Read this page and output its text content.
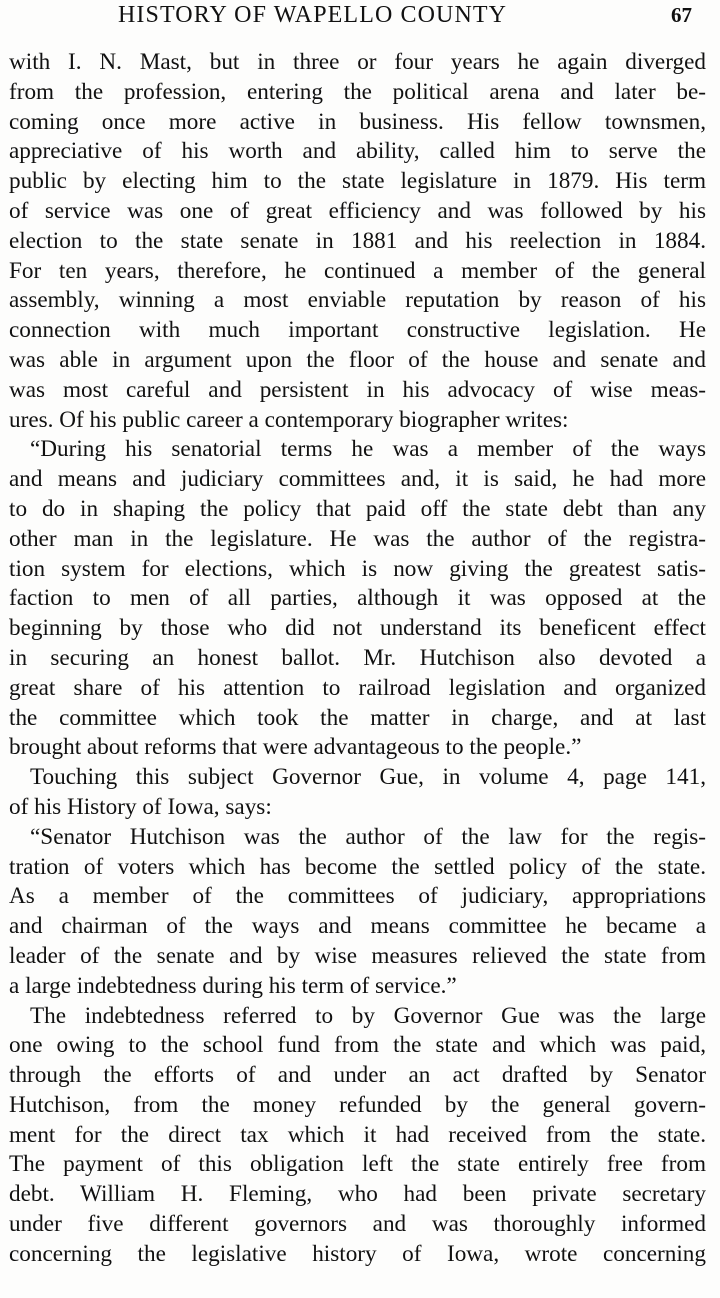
HISTORY OF WAPELLO COUNTY	67
with I. N. Mast, but in three or four years he again diverged
from the profession, entering the political arena and later be-
coming once more active in business. His fellow townsmen,
appreciative of his worth and ability, called him to serve the
public by electing him to the state legislature in 1879. His term
of service was one of great efficiency and was followed by his
election to the state senate in 1881 and his reelection in 1884.
For ten years, therefore, he continued a member of the general
assembly, winning a most enviable reputation by reason of his
connection with much important constructive legislation. He
was able in argument upon the floor of the house and senate and
was most careful and persistent in his advocacy of wise meas-
ures. Of his public career a contemporary biographer writes:
“During his senatorial terms he was a member of the ways
and means and judiciary committees and, it is said, he had more
to do in shaping the policy that paid off the state debt than any
other man in the legislature. He was the author of the registra-
tion system for elections, which is now giving the greatest satis-
faction to men of all parties, although it was opposed at the
beginning by those who did not understand its beneficent effect
in securing an honest ballot. Mr. Hutchison also devoted a
great share of his attention to railroad legislation and organized
the committee which took the matter in charge, and at last
brought about reforms that were advantageous to the people.”
Touching this subject Governor Gue, in volume 4, page 141,
of his History of Iowa, says:
“Senator Hutchison was the author of the law for the regis-
tration of voters which has become the settled policy of the state.
As a member of the committees of judiciary, appropriations
and chairman of the ways and means committee he became a
leader of the senate and by wise measures relieved the state from
a large indebtedness during his term of service.”
The indebtedness referred to by Governor Gue was the large
one owing to the school fund from the state and which was paid,
through the efforts of and under an act drafted by Senator
Hutchison, from the money refunded by the general govern-
ment for the direct tax which it had received from the state.
The payment of this obligation left the state entirely free from
debt. William H. Fleming, who had been private secretary
under five different governors and was thoroughly informed
concerning the legislative history of Iowa, wrote concerning
